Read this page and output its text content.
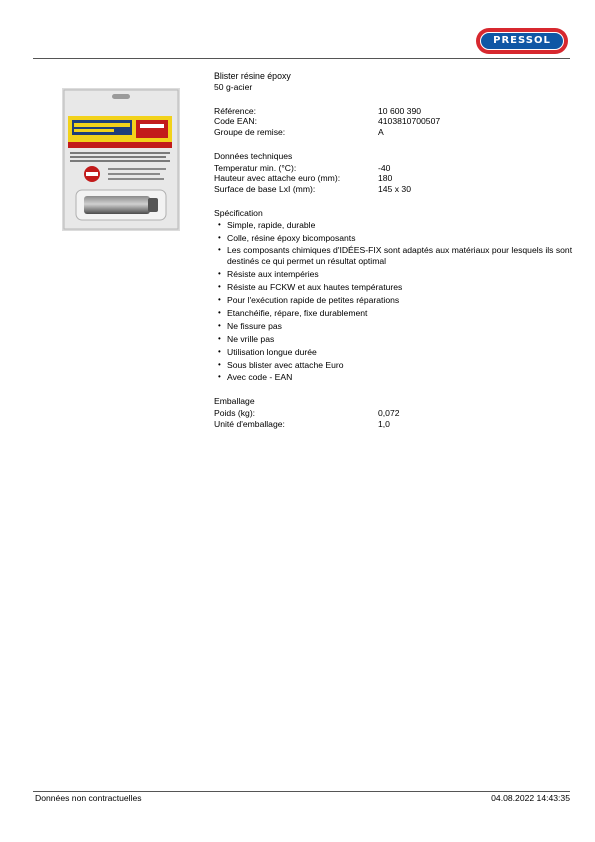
PRESSOL

Blister résine époxy

50 g-acier

Référence:	10 600 390
Code EAN:	4103810700507
Groupe de remise:	A

Données techniques

Temperatur min. (°C):	-40
Hauteur avec attache euro (mm):	180
Surface de base LxI (mm):	145 x 30

Spécification

• Simple, rapide, durable
• Colle, résine époxy bicomposants
• Les composants chimiques d'IDÉES-FIX sont adaptés aux matériaux pour lesquels ils sont destinés ce qui permet un résultat optimal
• Résiste aux intempéries
• Résiste au FCKW et aux hautes températures
• Pour l'exécution rapide de petites réparations
• Etanchéifie, répare, fixe durablement
• Ne fissure pas
• Ne vrille pas
• Utilisation longue durée
• Sous blister avec attache Euro
• Avec code - EAN

Emballage

Poids (kg):	0,072
Unité d'emballage:	1,0
Données non contractuelles	04.08.2022 14:43:35
